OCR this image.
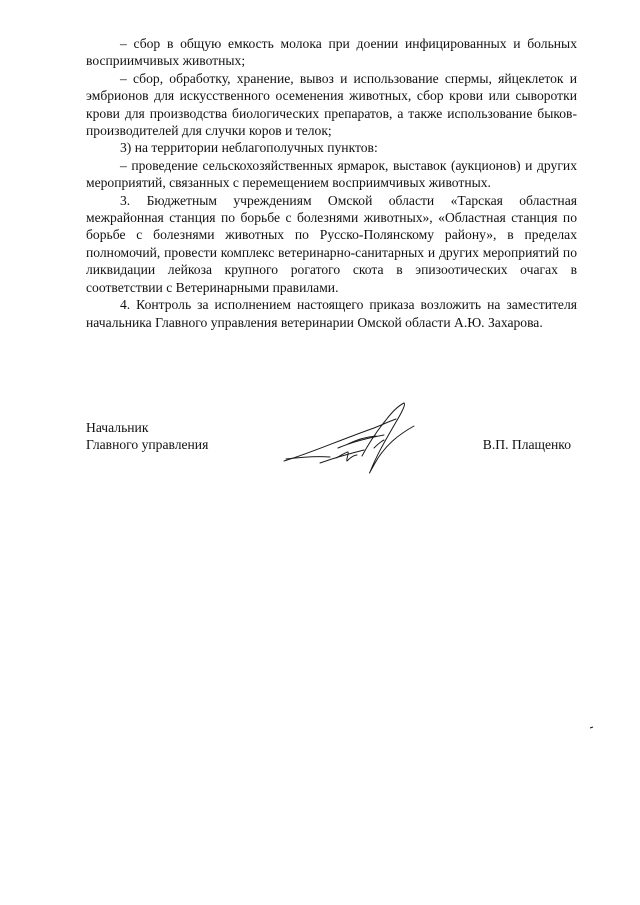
– сбор в общую емкость молока при доении инфицированных и больных восприимчивых животных;

– сбор, обработку, хранение, вывоз и использование спермы, яйцеклеток и эмбрионов для искусственного осеменения животных, сбор крови или сыворотки крови для производства биологических препаратов, а также использование быков-производителей для случки коров и телок;

3) на территории неблагополучных пунктов:

– проведение сельскохозяйственных ярмарок, выставок (аукционов) и других мероприятий, связанных с перемещением восприимчивых животных.

3. Бюджетным учреждениям Омской области «Тарская областная межрайонная станция по борьбе с болезнями животных», «Областная станция по борьбе с болезнями животных по Русско-Полянскому району», в пределах полномочий, провести комплекс ветеринарно-санитарных и других мероприятий по ликвидации лейкоза крупного рогатого скота в эпизоотических очагах в соответствии с Ветеринарными правилами.

4. Контроль за исполнением настоящего приказа возложить на заместителя начальника Главного управления ветеринарии Омской области А.Ю. Захарова.

Начальник
Главного управления	В.П. Плащенко
